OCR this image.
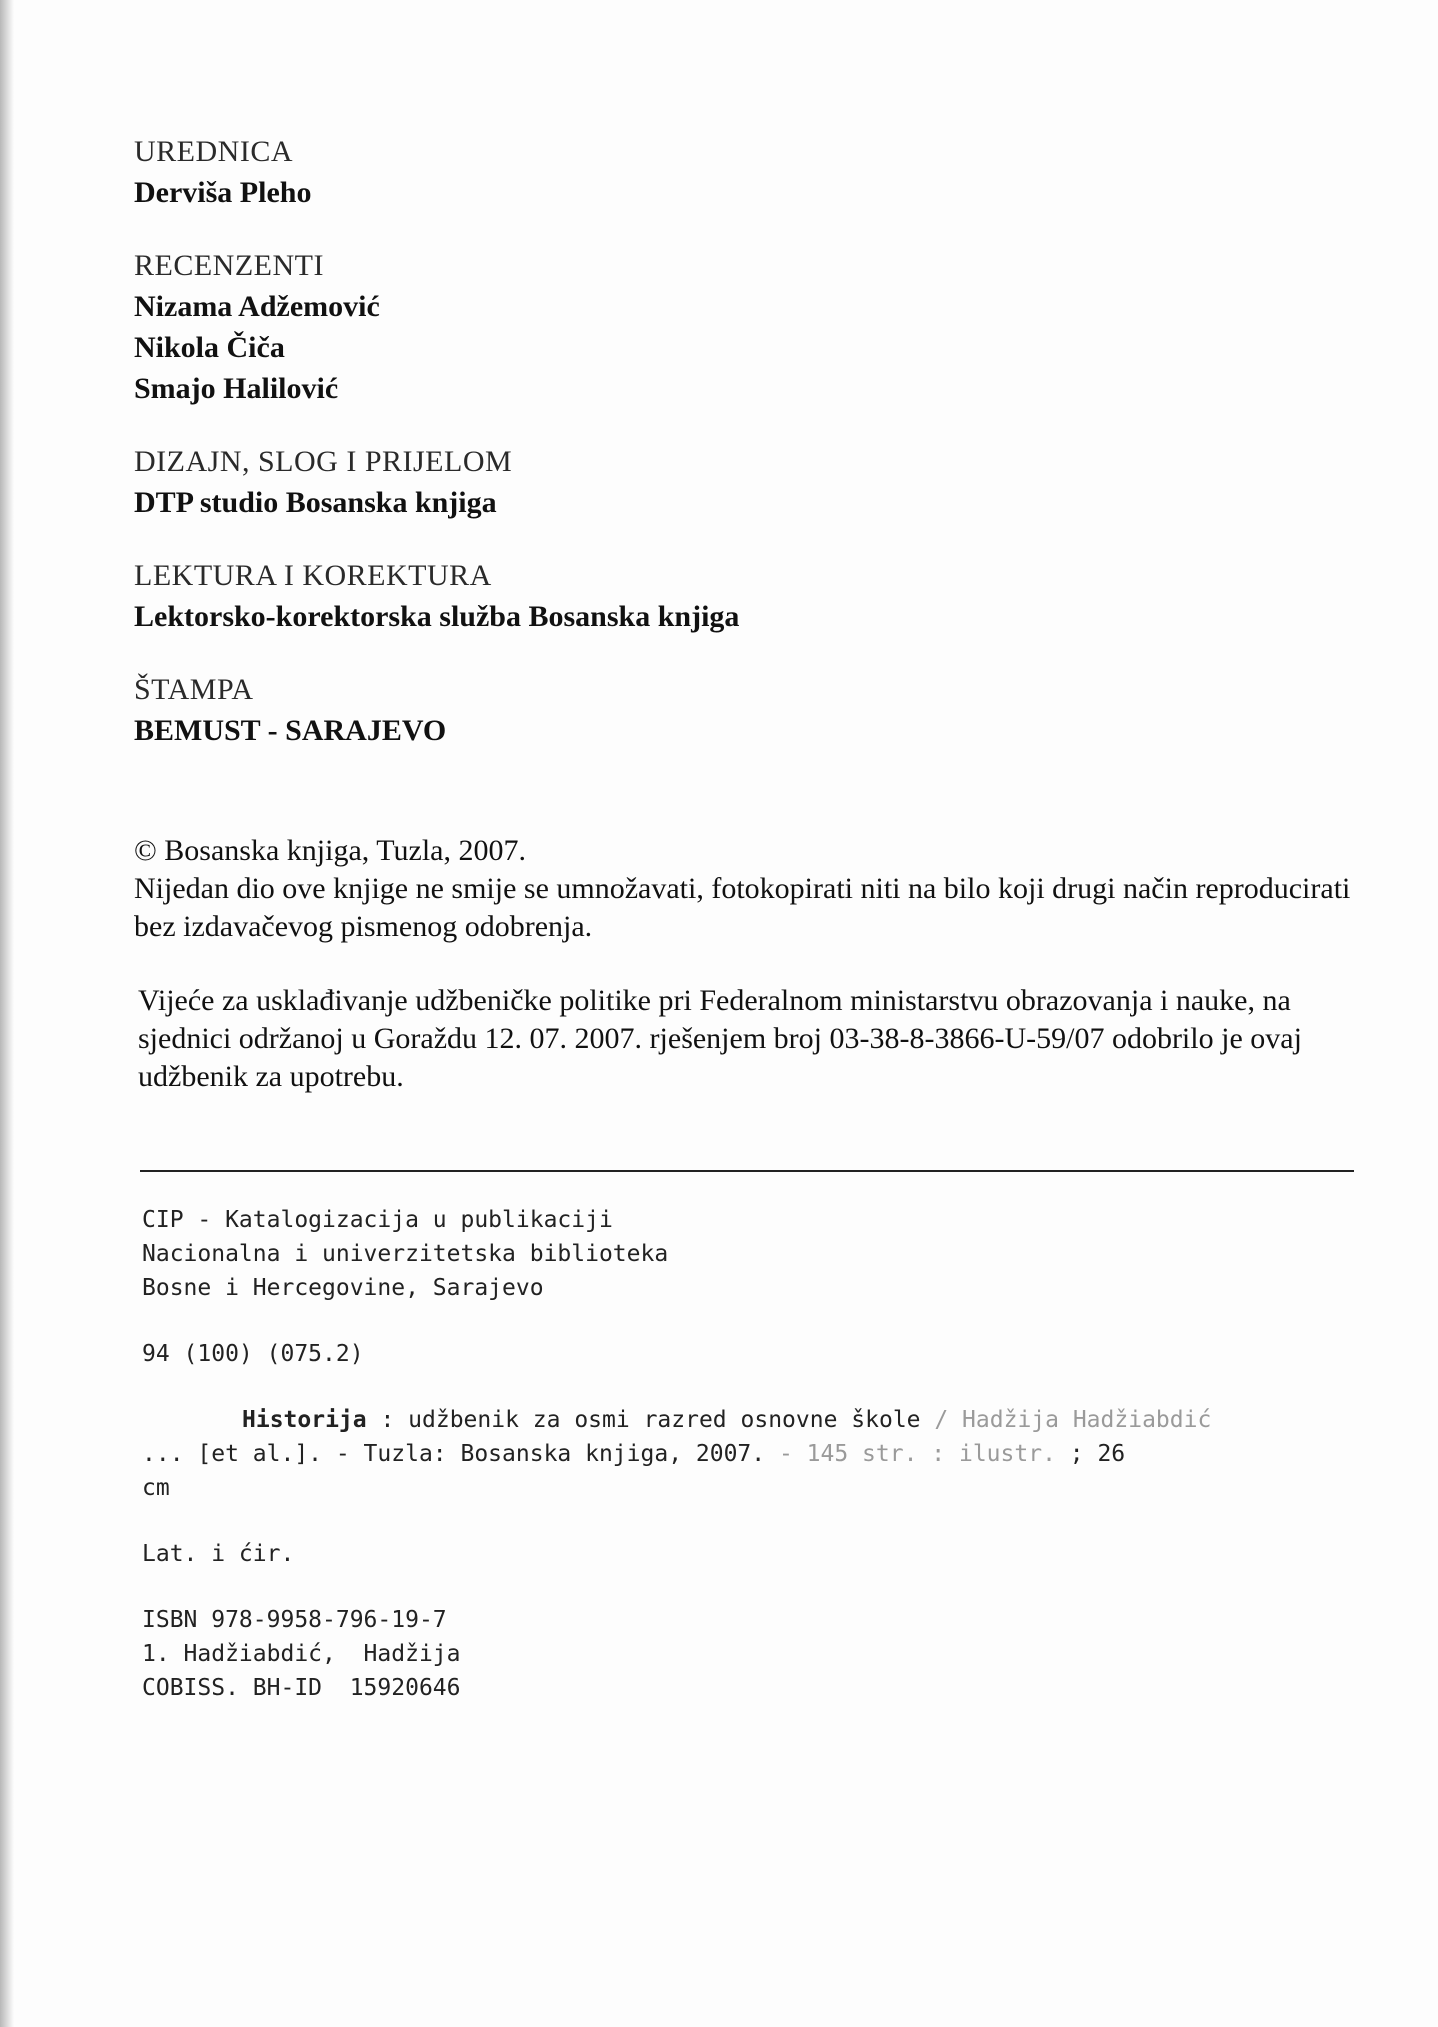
UREDNICA
Derviša Pleho
RECENZENTI
Nizama Adžemović
Nikola Čiča
Smajo Halilović
DIZAJN, SLOG I PRIJELOM
DTP studio Bosanska knjiga
LEKTURA I KOREKTURA
Lektorsko-korektorska služba Bosanska knjiga
ŠTAMPA
BEMUST - SARAJEVO

© Bosanska knjiga, Tuzla, 2007.

Nijedan dio ove knjige ne smije se umnožavati, fotokopirati niti na bilo koji drugi način reproducirati bez izdavačevog pismenog odobrenja.

Vijeće za usklađivanje udžbeničke politike pri Federalnom ministarstvu obrazovanja i nauke, na sjednici održanoj u Goraždu 12. 07. 2007. rješenjem broj 03-38-8-3866-U-59/07 odobrilo je ovaj udžbenik za upotrebu.

CIP - Katalogizacija u publikaciji
Nacionalna i univerzitetska biblioteka
Bosne i Hercegovine, Sarajevo
94 (100) (075.2)
Historija : udžbenik za osmi razred osnovne škole / Hadžija Hadžiabdić
... [et al.]. - Tuzla: Bosanska knjiga, 2007. - 145 str. : ilustr. ; 26
cm
Lat. i ćir.
ISBN 978-9958-796-19-7
1. Hadžiabdić,  Hadžija
COBISS. BH-ID  15920646
